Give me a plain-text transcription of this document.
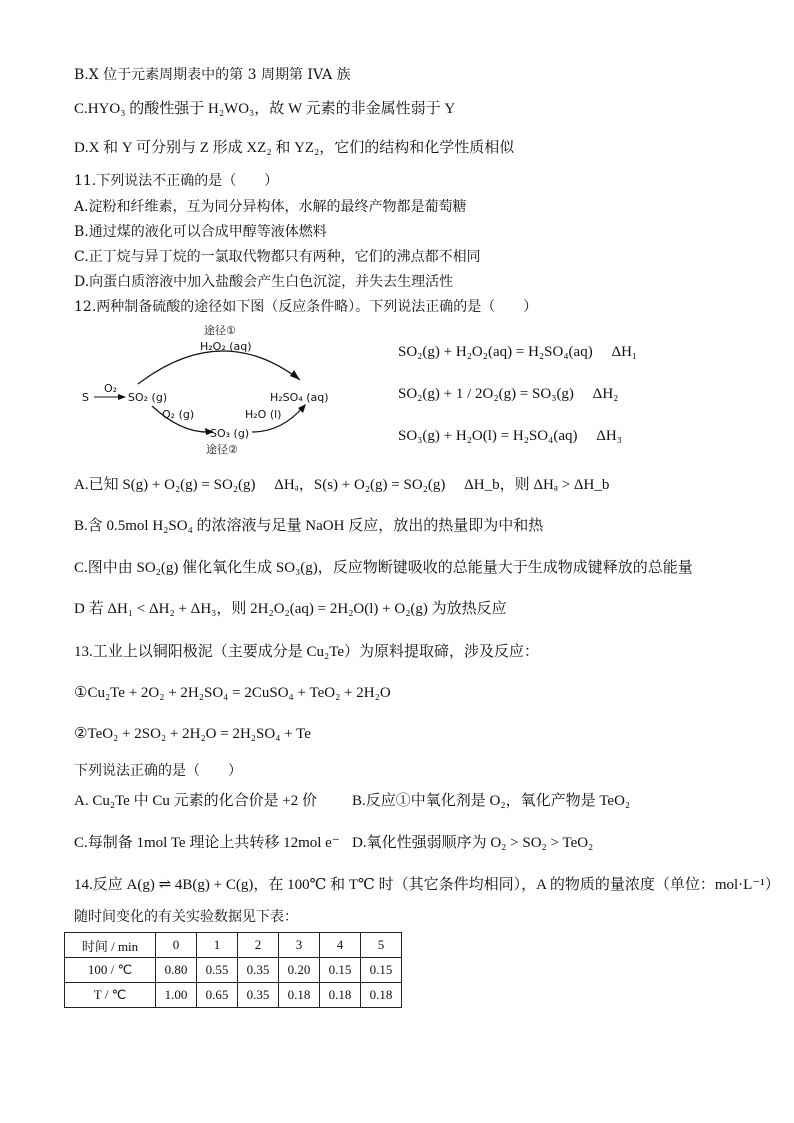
B.X 位于元素周期表中的第 3 周期第 IVA 族
C.HYO₃ 的酸性强于 H₂WO₃，故 W 元素的非金属性弱于 Y
D.X 和 Y 可分别与 Z 形成 XZ₂ 和 YZ₂，它们的结构和化学性质相似
11.下列说法不正确的是（　　）
A.淀粉和纤维素，互为同分异构体，水解的最终产物都是葡萄糖
B.通过煤的液化可以合成甲醇等液体燃料
C.正丁烷与异丁烷的一氯取代物都只有两种，它们的沸点都不相同
D.向蛋白质溶液中加入盐酸会产生白色沉淀，并失去生理活性
12.两种制备硫酸的途径如下图（反应条件略）。下列说法正确的是（　　）
途径①
H₂O₂ (aq)
S
O₂
SO₂ (g)	H₂SO₄ (aq)
O₂ (g)	H₂O (l)
SO₃ (g)
途径②
SO₂(g) + H₂O₂(aq) = H₂SO₄(aq)　 ΔH₁
SO₂(g) + 1 / 2O₂(g) = SO₃(g)　 ΔH₂
SO₃(g) + H₂O(l) = H₂SO₄(aq)　 ΔH₃
A.已知 S(g) + O₂(g) = SO₂(g)　 ΔHₐ，S(s) + O₂(g) = SO₂(g)　 ΔH_b，则 ΔHₐ > ΔH_b
B.含 0.5mol H₂SO₄ 的浓溶液与足量 NaOH 反应，放出的热量即为中和热
C.图中由 SO₂(g) 催化氧化生成 SO₃(g)，反应物断键吸收的总能量大于生成物成键释放的总能量
D 若 ΔH₁ < ΔH₂ + ΔH₃，则 2H₂O₂(aq) = 2H₂O(l) + O₂(g) 为放热反应
13.工业上以铜阳极泥（主要成分是 Cu₂Te）为原料提取碲，涉及反应：
①Cu₂Te + 2O₂ + 2H₂SO₄ = 2CuSO₄ + TeO₂ + 2H₂O
②TeO₂ + 2SO₂ + 2H₂O = 2H₂SO₄ + Te
下列说法正确的是（　　）
A. Cu₂Te 中 Cu 元素的化合价是 +2 价 B.反应①中氧化剂是 O₂，氧化产物是 TeO₂
C.每制备 1mol Te 理论上共转移 12mol e⁻ D.氧化性强弱顺序为 O₂ > SO₂ > TeO₂
14.反应 A(g) ⇌ 4B(g) + C(g)，在 100℃ 和 T℃ 时（其它条件均相同），A 的物质的量浓度（单位：mol·L⁻¹）
随时间变化的有关实验数据见下表：
时间 / min	0	1	2	3	4	5
100 / ℃	0.80	0.55	0.35	0.20	0.15	0.15
T / ℃	1.00	0.65	0.35	0.18	0.18	0.18
